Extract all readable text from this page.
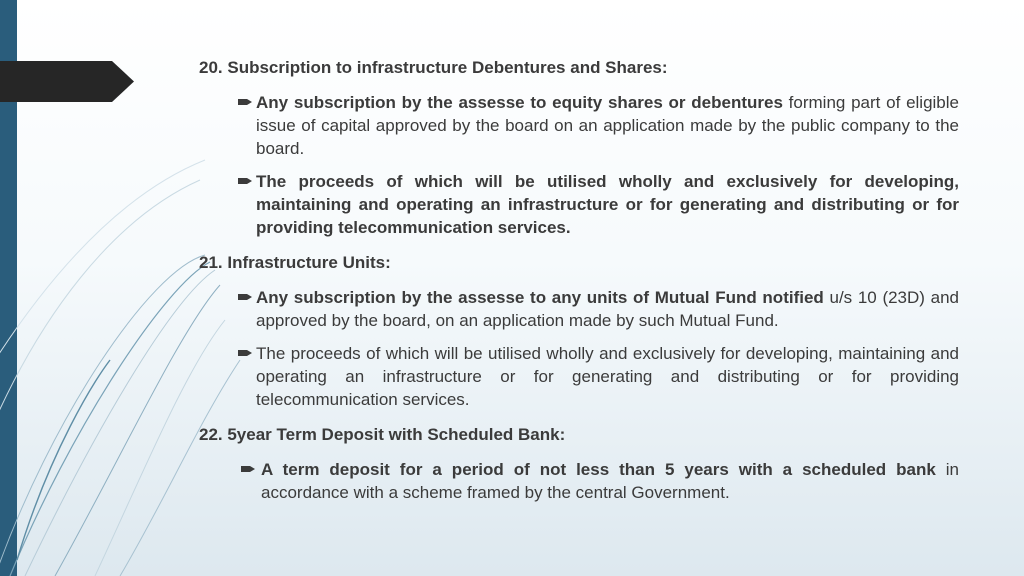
20. Subscription to infrastructure Debentures and Shares:
Any subscription by the assesse to equity shares or debentures forming part of eligible issue of capital approved by the board on an application made by the public company to the board.
The proceeds of which will be utilised wholly and exclusively for developing, maintaining and operating an infrastructure or for generating and distributing or for providing telecommunication services.
21. Infrastructure Units:
Any subscription by the assesse to any units of Mutual Fund notified u/s 10 (23D) and approved by the board, on an application made by such Mutual Fund.
The proceeds of which will be utilised wholly and exclusively for developing, maintaining and operating an infrastructure or for generating and distributing or for providing telecommunication services.
22. 5year Term Deposit with Scheduled Bank:
A term deposit for a period of not less than 5 years with a scheduled bank in accordance with a scheme framed by the central Government.
